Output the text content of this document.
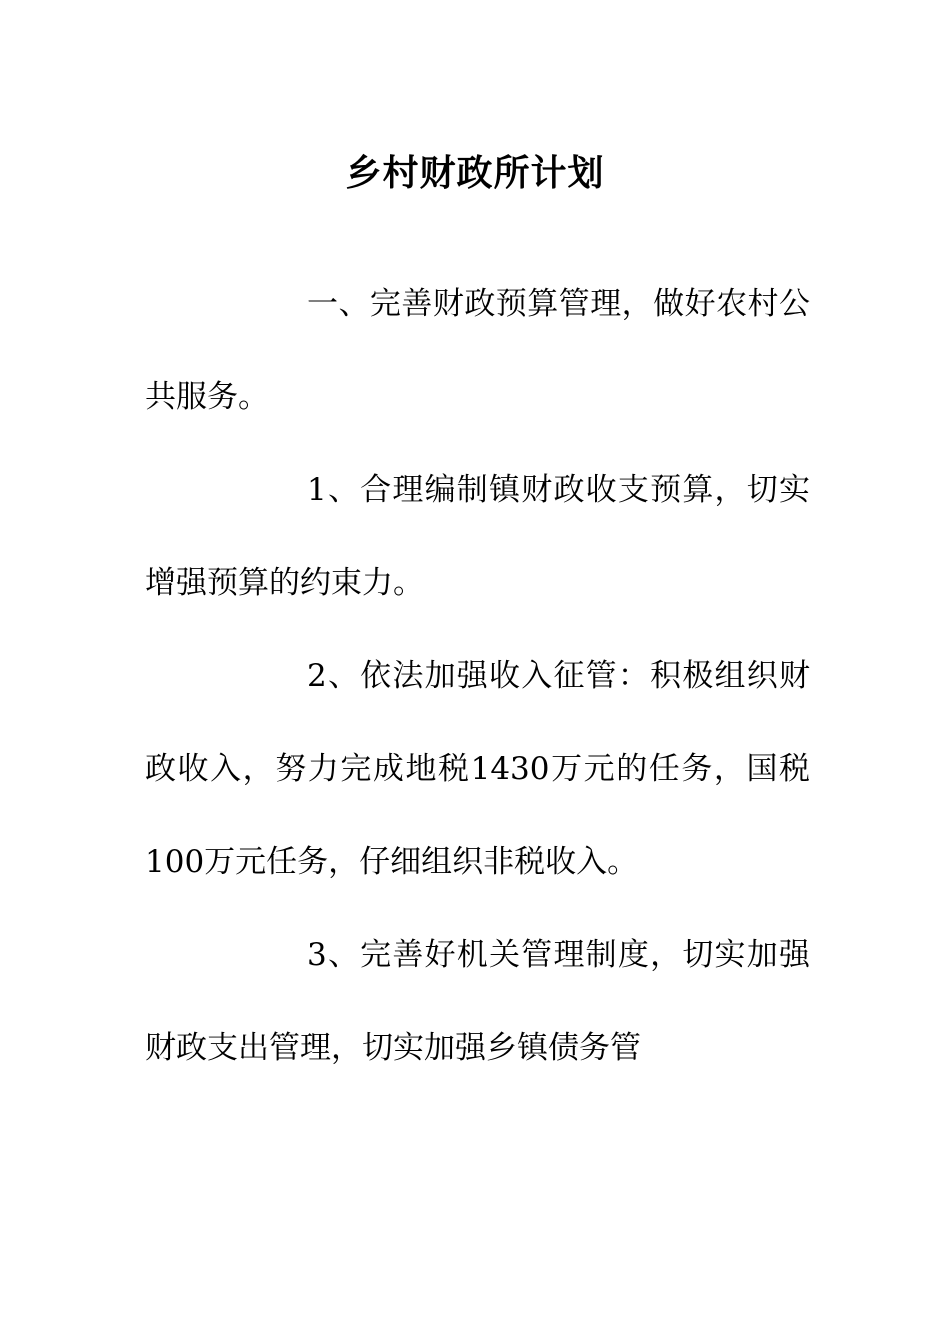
乡村财政所计划

一、完善财政预算管理，做好农村公共服务。

1、合理编制镇财政收支预算，切实增强预算的约束力。

2、依法加强收入征管：积极组织财政收入，努力完成地税1430万元的任务，国税100万元任务，仔细组织非税收入。

3、完善好机关管理制度，切实加强财政支出管理，切实加强乡镇债务管
